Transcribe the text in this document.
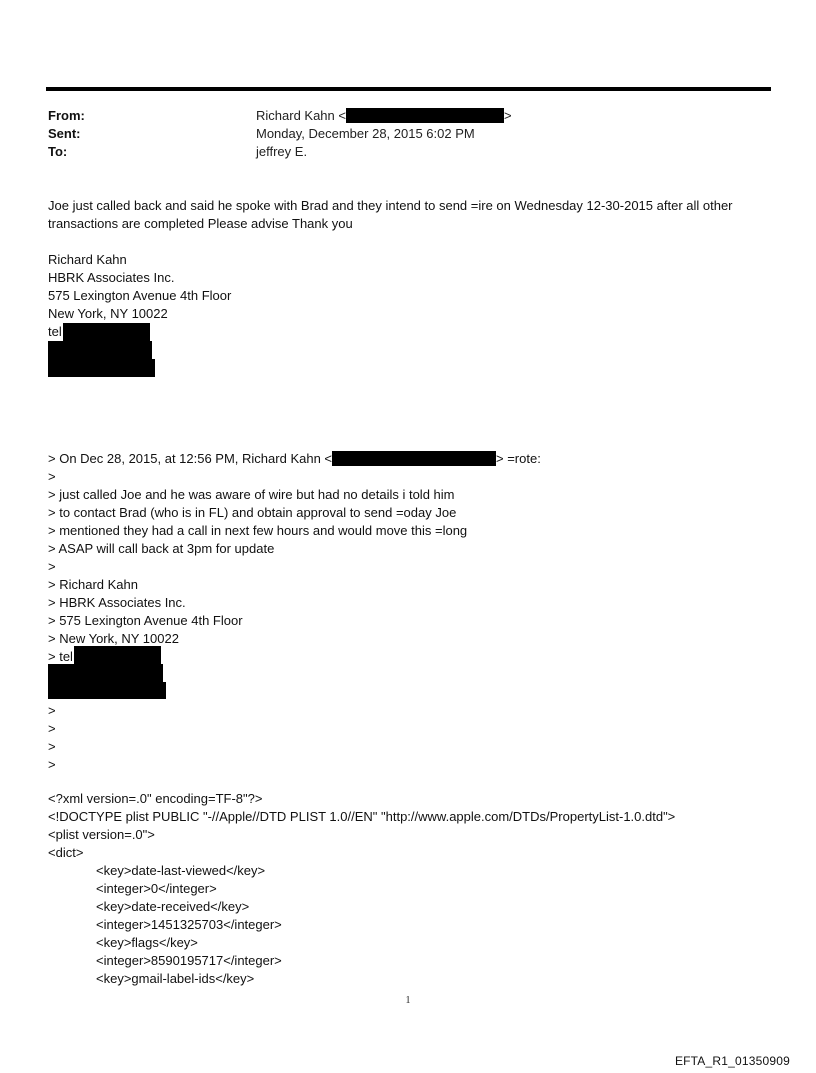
From:	Richard Kahn <	>
Sent:	Monday, December 28, 2015 6:02 PM
To:	jeffrey E.
Joe just called back and said he spoke with Brad and they intend to send =ire on Wednesday 12-30-2015 after all other
transactions are completed Please advise Thank you
Richard Kahn
HBRK Associates Inc.
575 Lexington Avenue 4th Floor
New York, NY 10022
tel
> On Dec 28, 2015, at 12:56 PM, Richard Kahn <	> =rote:
>
> just called Joe and he was aware of wire but had no details i told him
> to contact Brad (who is in FL) and obtain approval to send =oday Joe
> mentioned they had a call in next few hours and would move this =long
> ASAP will call back at 3pm for update
>
> Richard Kahn
> HBRK Associates Inc.
> 575 Lexington Avenue 4th Floor
> New York, NY 10022
> tel
>
>
>
>
<?xml version=.0" encoding=TF-8"?>
<!DOCTYPE plist PUBLIC "-//Apple//DTD PLIST 1.0//EN" "http://www.apple.com/DTDs/PropertyList-1.0.dtd">
<plist version=.0">
<dict>
<key>date-last-viewed</key>
<integer>0</integer>
<key>date-received</key>
<integer>1451325703</integer>
<key>flags</key>
<integer>8590195717</integer>
<key>gmail-label-ids</key>
1
EFTA_R1_01350909
